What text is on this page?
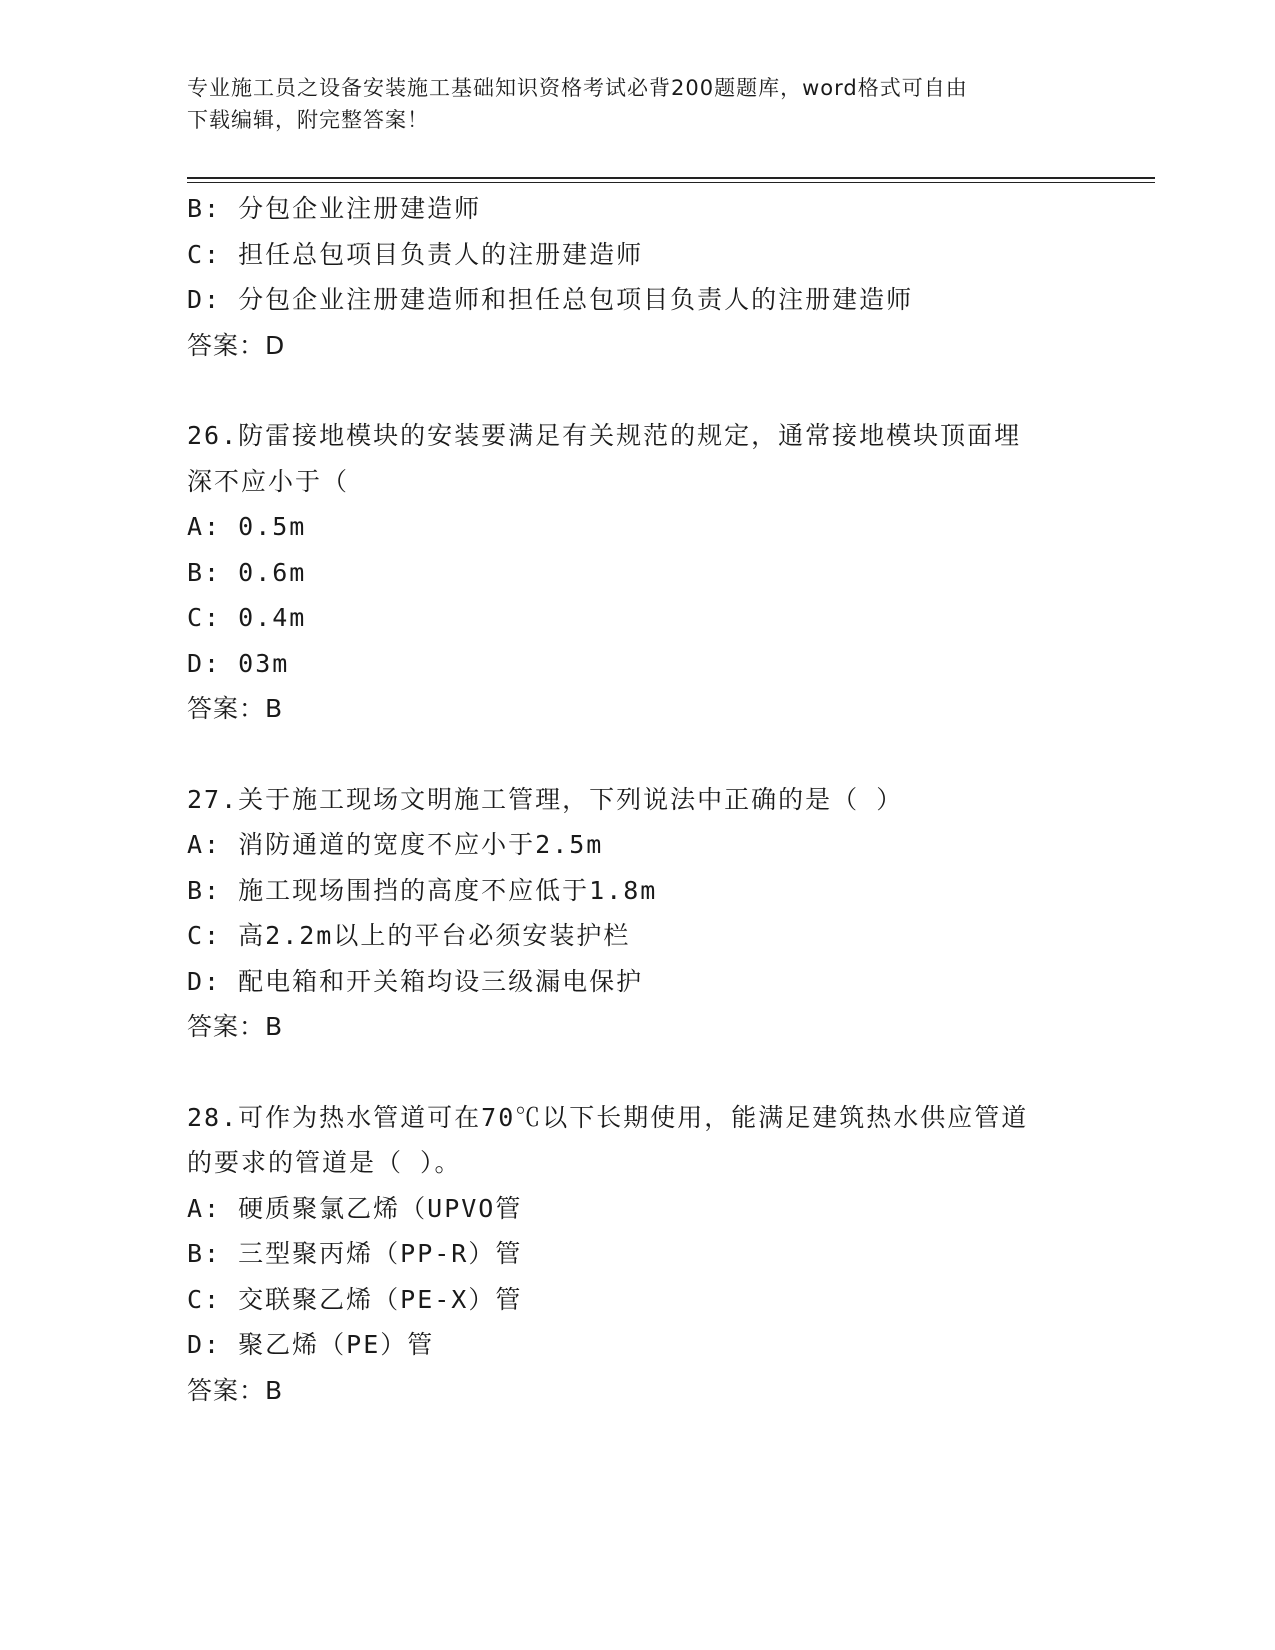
专业施工员之设备安装施工基础知识资格考试必背200题题库，word格式可自由
下载编辑，附完整答案！
B: 分包企业注册建造师
C: 担任总包项目负责人的注册建造师
D: 分包企业注册建造师和担任总包项目负责人的注册建造师
答案：D
26.防雷接地模块的安装要满足有关规范的规定，通常接地模块顶面埋
深不应小于（
A: 0.5m
B: 0.6m
C: 0.4m
D: 03m
答案：B
27.关于施工现场文明施工管理，下列说法中正确的是（ ）
A: 消防通道的宽度不应小于2.5m
B: 施工现场围挡的高度不应低于1.8m
C: 高2.2m以上的平台必须安装护栏
D: 配电箱和开关箱均设三级漏电保护
答案：B
28.可作为热水管道可在70℃以下长期使用，能满足建筑热水供应管道
的要求的管道是（ ）。
A: 硬质聚氯乙烯（UPVO管
B: 三型聚丙烯（PP-R）管
C: 交联聚乙烯（PE-X）管
D: 聚乙烯（PE）管
答案：B
